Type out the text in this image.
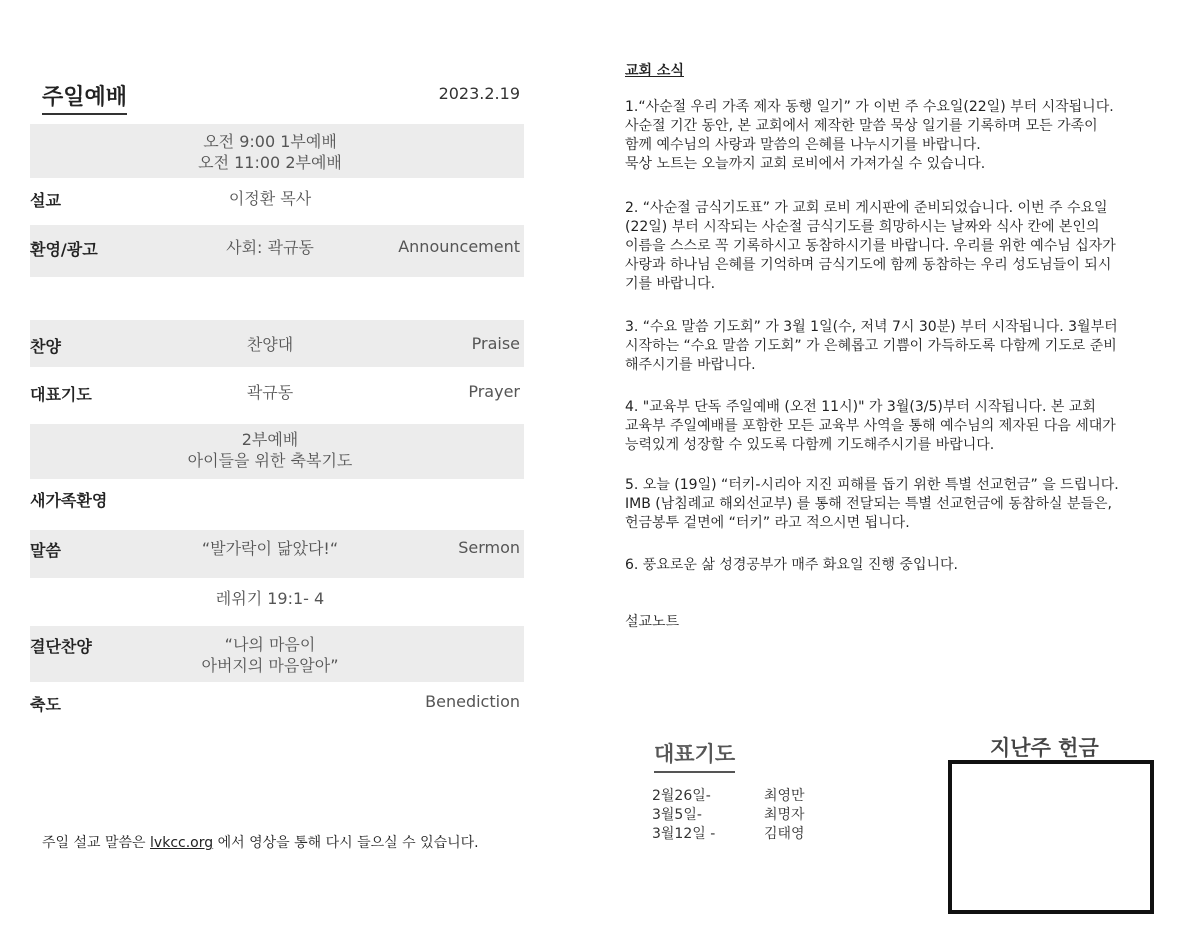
주일예배	2023.2.19
오전 9:00 1부예배
오전 11:00 2부예배
설교	이정환 목사
환영/광고	사회: 곽규동	Announcement
찬양	찬양대	Praise
대표기도	곽규동	Prayer
2부예배
아이들을 위한 축복기도
새가족환영
말씀	“발가락이 닮았다!“	Sermon
레위기 19:1- 4
결단찬양	“나의 마음이
아버지의 마음알아”
축도	Benediction
주일 설교 말씀은 lvkcc.org 에서 영상을 통해 다시 들으실 수 있습니다.
교회 소식
1.“사순절 우리 가족 제자 동행 일기” 가 이번 주 수요일(22일) 부터 시작됩니다.
사순절 기간 동안, 본 교회에서 제작한 말씀 묵상 일기를 기록하며 모든 가족이
함께 예수님의 사랑과 말씀의 은혜를 나누시기를 바랍니다.
묵상 노트는 오늘까지 교회 로비에서 가져가실 수 있습니다.
2. “사순절 금식기도표” 가 교회 로비 게시판에 준비되었습니다. 이번 주 수요일
(22일) 부터 시작되는 사순절 금식기도를 희망하시는 날짜와 식사 칸에 본인의
이름을 스스로 꼭 기록하시고 동참하시기를 바랍니다. 우리를 위한 예수님 십자가
사랑과 하나님 은혜를 기억하며 금식기도에 함께 동참하는 우리 성도님들이 되시
기를 바랍니다.
3. “수요 말씀 기도회” 가 3월 1일(수, 저녁 7시 30분) 부터 시작됩니다. 3월부터
시작하는 “수요 말씀 기도회” 가 은혜롭고 기쁨이 가득하도록 다함께 기도로 준비
해주시기를 바랍니다.
4. "교육부 단독 주일예배 (오전 11시)" 가 3월(3/5)부터 시작됩니다. 본 교회
교육부 주일예배를 포함한 모든 교육부 사역을 통해 예수님의 제자된 다음 세대가
능력있게 성장할 수 있도록 다함께 기도해주시기를 바랍니다.
5. 오늘 (19일) “터키-시리아 지진 피해를 돕기 위한 특별 선교헌금” 을 드립니다.
IMB (남침례교 해외선교부) 를 통해 전달되는 특별 선교헌금에 동참하실 분들은,
헌금봉투 겉면에 “터키” 라고 적으시면 됩니다.
6. 풍요로운 삶 성경공부가 매주 화요일 진행 중입니다.
설교노트
대표기도
2월26일-	최영만
3월5일-	최명자
3월12일 -	김태영
지난주 헌금
